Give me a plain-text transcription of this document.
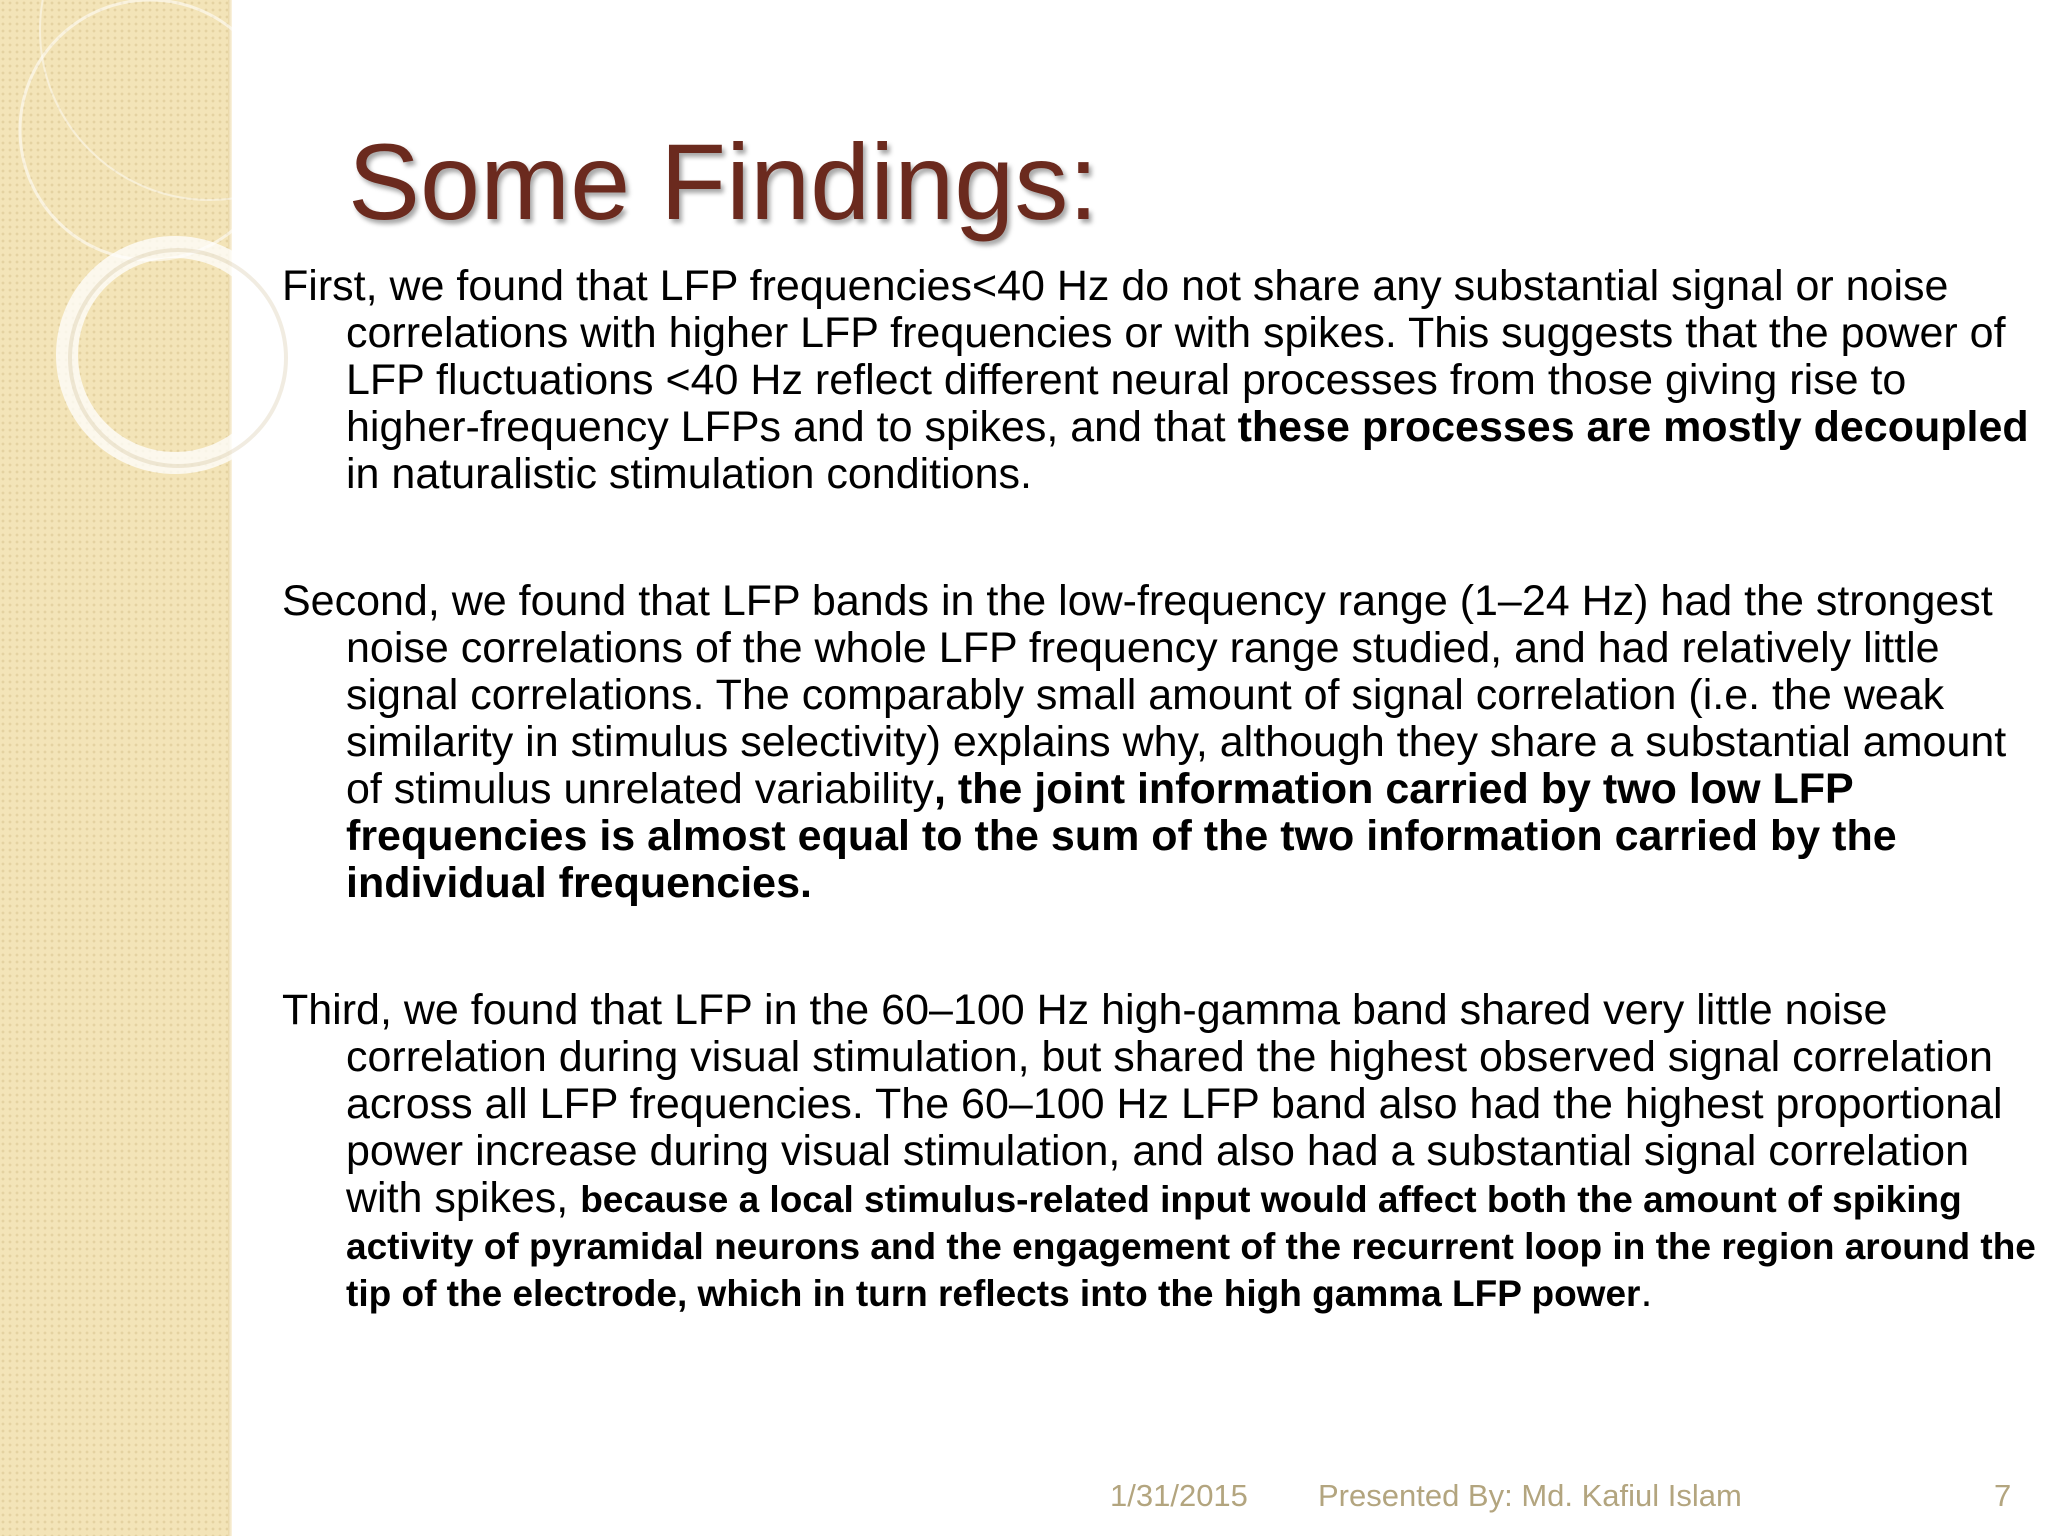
Some Findings:

First, we found that LFP frequencies<40 Hz do not share any substantial signal or noise correlations with higher LFP frequencies or with spikes. This suggests that the power of LFP fluctuations <40 Hz reflect different neural processes from those giving rise to higher-frequency LFPs and to spikes, and that these processes are mostly decoupled in naturalistic stimulation conditions.

Second, we found that LFP bands in the low-frequency range (1–24 Hz) had the strongest noise correlations of the whole LFP frequency range studied, and had relatively little signal correlations. The comparably small amount of signal correlation (i.e. the weak similarity in stimulus selectivity) explains why, although they share a substantial amount of stimulus unrelated variability, the joint information carried by two low LFP frequencies is almost equal to the sum of the two information carried by the individual frequencies.

Third, we found that LFP in the 60–100 Hz high-gamma band shared very little noise correlation during visual stimulation, but shared the highest observed signal correlation across all LFP frequencies. The 60–100 Hz LFP band also had the highest proportional power increase during visual stimulation, and also had a substantial signal correlation with spikes, because a local stimulus-related input would affect both the amount of spiking activity of pyramidal neurons and the engagement of the recurrent loop in the region around the tip of the electrode, which in turn reflects into the high gamma LFP power.

1/31/2015 Presented By: Md. Kafiul Islam	7
